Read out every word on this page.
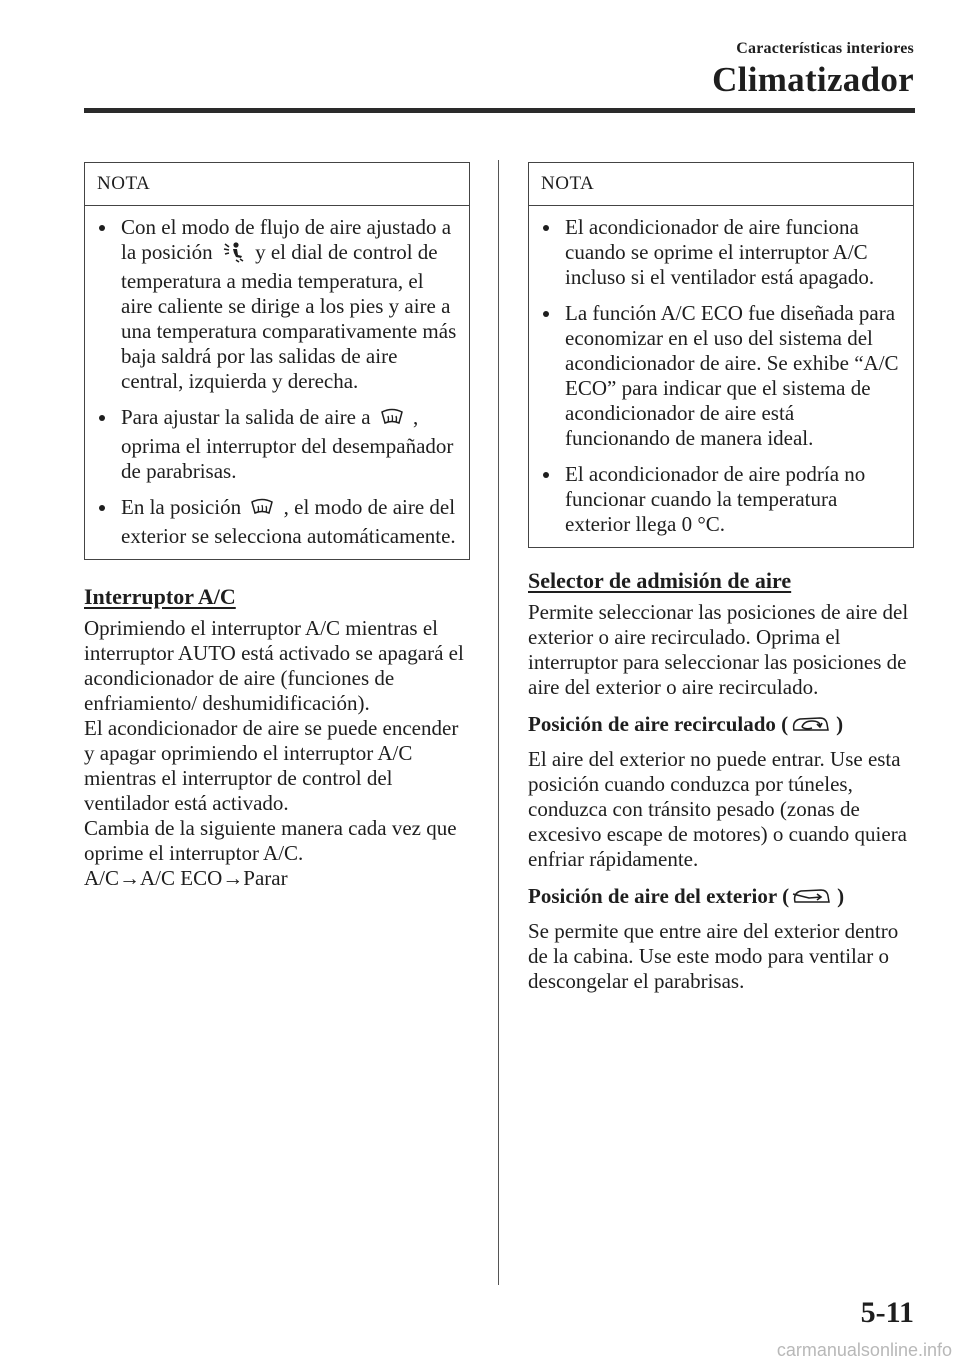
Características interiores
Climatizador
NOTA
Con el modo de flujo de aire ajustado a la posición y el dial de control de temperatura a media temperatura, el aire caliente se dirige a los pies y aire a una temperatura comparativamente más baja saldrá por las salidas de aire central, izquierda y derecha.
Para ajustar la salida de aire a , oprima el interruptor del desempañador de parabrisas.
En la posición , el modo de aire del exterior se selecciona automáticamente.
Interruptor A/C

Oprimiendo el interruptor A/C mientras el interruptor AUTO está activado se apagará el acondicionador de aire (funciones de enfriamiento/ deshumidificación).

El acondicionador de aire se puede encender y apagar oprimiendo el interruptor A/C mientras el interruptor de control del ventilador está activado.

Cambia de la siguiente manera cada vez que oprime el interruptor A/C.

A/C→A/C ECO→Parar

NOTA
El acondicionador de aire funciona cuando se oprime el interruptor A/C incluso si el ventilador está apagado.
La función A/C ECO fue diseñada para economizar en el uso del sistema del acondicionador de aire. Se exhibe “A/C ECO” para indicar que el sistema de acondicionador de aire está funcionando de manera ideal.
El acondicionador de aire podría no funcionar cuando la temperatura exterior llega 0 °C.
Selector de admisión de aire

Permite seleccionar las posiciones de aire del exterior o aire recirculado. Oprima el interruptor para seleccionar las posiciones de aire del exterior o aire recirculado.

Posición de aire recirculado ( )

El aire del exterior no puede entrar. Use esta posición cuando conduzca por túneles, conduzca con tránsito pesado (zonas de excesivo escape de motores) o cuando quiera enfriar rápidamente.

Posición de aire del exterior ( )

Se permite que entre aire del exterior dentro de la cabina. Use este modo para ventilar o descongelar el parabrisas.

5-11
carmanualsonline.info
